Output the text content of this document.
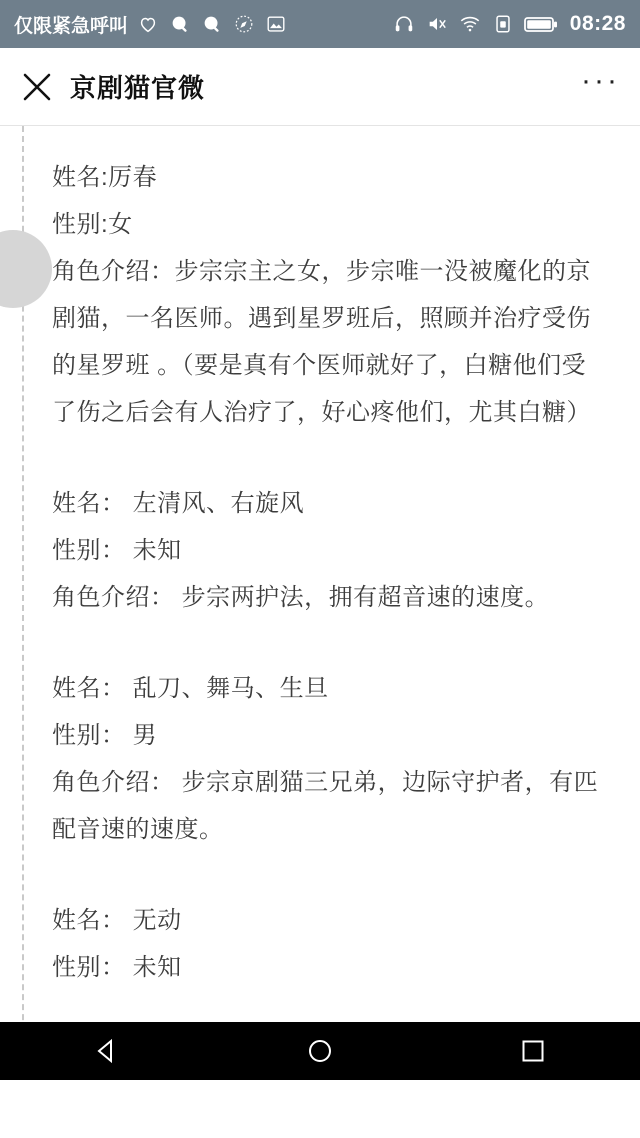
仅限紧急呼叫	08:28
京剧猫官微	···
姓名:厉春
性别:女
角色介绍：步宗宗主之女，步宗唯一没被魔化的京剧猫，一名医师。遇到星罗班后，照顾并治疗受伤的星罗班 。（要是真有个医师就好了，白糖他们受了伤之后会有人治疗了，好心疼他们，尤其白糖）
姓名： 左清风、右旋风
性别： 未知
角色介绍： 步宗两护法，拥有超音速的速度。
姓名： 乱刀、舞马、生旦
性别： 男
角色介绍： 步宗京剧猫三兄弟，边际守护者，有匹配音速的速度。
姓名： 无动
性别： 未知
